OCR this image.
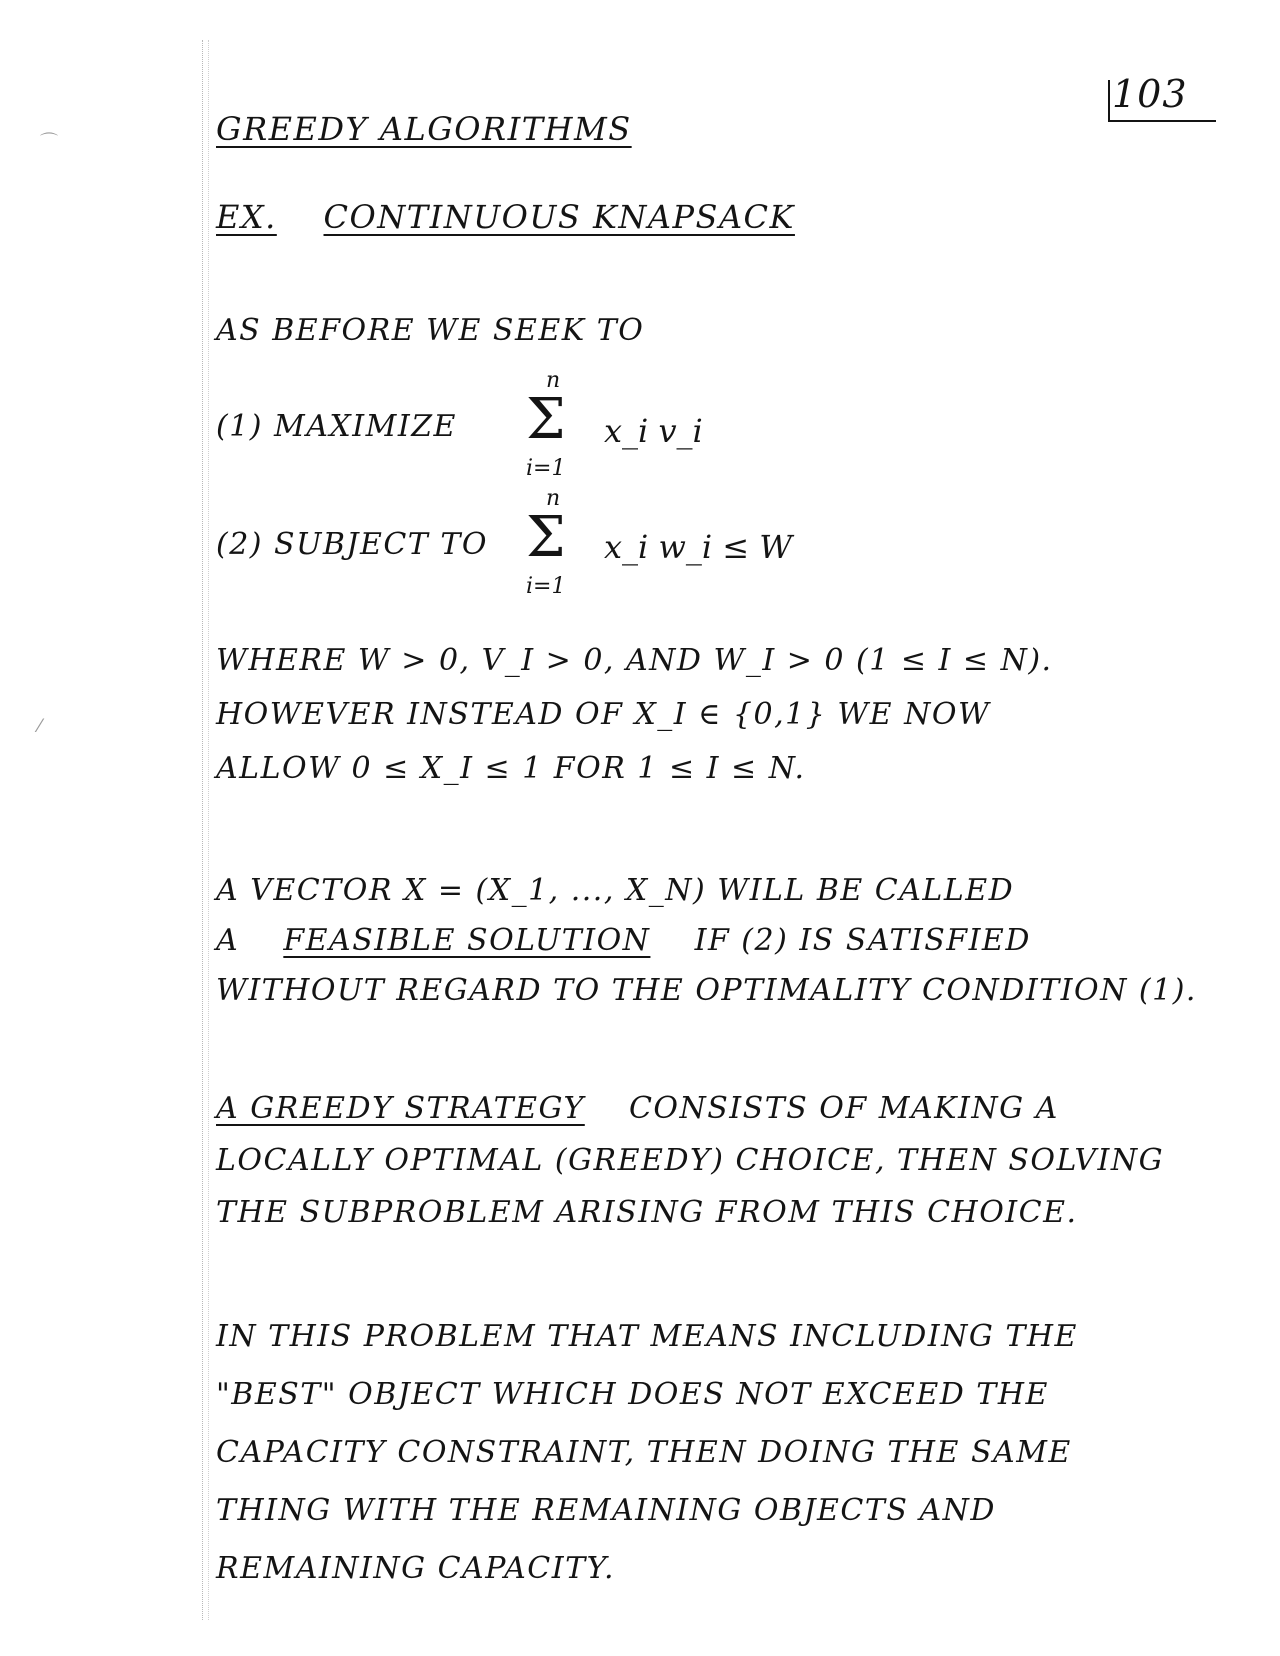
⌒
⁄
103
GREEDY ALGORITHMS
EX. CONTINUOUS KNAPSACK
AS BEFORE WE SEEK TO
(1) MAXIMIZE
n
Σ
i=1
x_i v_i
(2) SUBJECT TO
n
Σ
i=1
x_i w_i ≤ W
WHERE W > 0, V_I > 0, AND W_I > 0 (1 ≤ I ≤ N).
HOWEVER INSTEAD OF X_I ∈ {0,1} WE NOW
ALLOW 0 ≤ X_I ≤ 1 FOR 1 ≤ I ≤ N.
A VECTOR X = (X_1, ..., X_N) WILL BE CALLED
A FEASIBLE SOLUTION IF (2) IS SATISFIED
WITHOUT REGARD TO THE OPTIMALITY CONDITION (1).
A GREEDY STRATEGY CONSISTS OF MAKING A
LOCALLY OPTIMAL (GREEDY) CHOICE, THEN SOLVING
THE SUBPROBLEM ARISING FROM THIS CHOICE.
IN THIS PROBLEM THAT MEANS INCLUDING THE
"BEST" OBJECT WHICH DOES NOT EXCEED THE
CAPACITY CONSTRAINT, THEN DOING THE SAME
THING WITH THE REMAINING OBJECTS AND
REMAINING CAPACITY.
